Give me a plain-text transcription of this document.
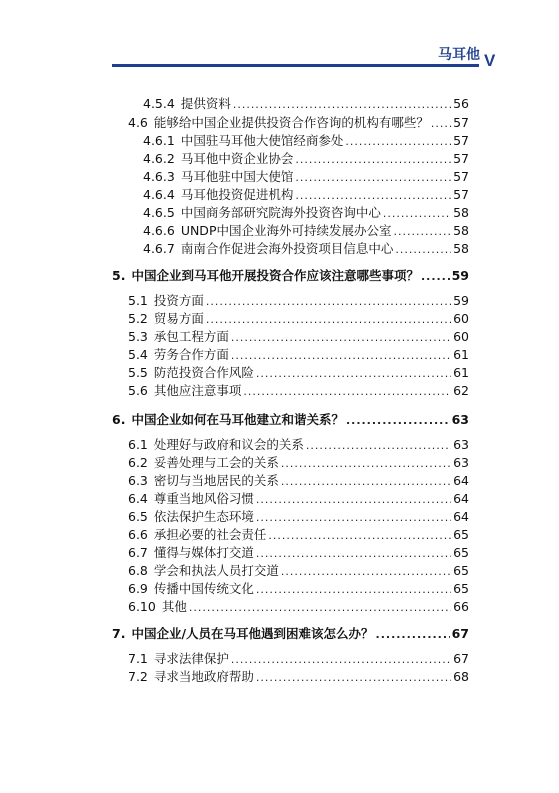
马耳他 V
4.5.4 提供资料 .....	56
4.6 能够给中国企业提供投资合作咨询的机构有哪些？ ..... 57
4.6.1 中国驻马耳他大使馆经商参处 .....	57
4.6.2 马耳他中资企业协会 .....	57
4.6.3 马耳他驻中国大使馆 .....	57
4.6.4 马耳他投资促进机构 .....	57
4.6.5 中国商务部研究院海外投资咨询中心 .....	58
4.6.6 UNDP中国企业海外可持续发展办公室 .....	58
4.6.7 南南合作促进会海外投资项目信息中心 .....	58
5. 中国企业到马耳他开展投资合作应该注意哪些事项？ .....	59
5.1 投资方面 .....	59
5.2 贸易方面 .....	60
5.3 承包工程方面 .....	60
5.4 劳务合作方面 .....	61
5.5 防范投资合作风险 .....	61
5.6 其他应注意事项 .....	62
6. 中国企业如何在马耳他建立和谐关系？ .....	63
6.1 处理好与政府和议会的关系 .....	63
6.2 妥善处理与工会的关系 .....	63
6.3 密切与当地居民的关系 .....	64
6.4 尊重当地风俗习惯 .....	64
6.5 依法保护生态环境 .....	64
6.6 承担必要的社会责任 .....	65
6.7 懂得与媒体打交道 .....	65
6.8 学会和执法人员打交道 .....	65
6.9 传播中国传统文化 .....	65
6.10 其他 .....	66
7. 中国企业/人员在马耳他遇到困难该怎么办？ .....	67
7.1 寻求法律保护 .....	67
7.2 寻求当地政府帮助 .....	68
